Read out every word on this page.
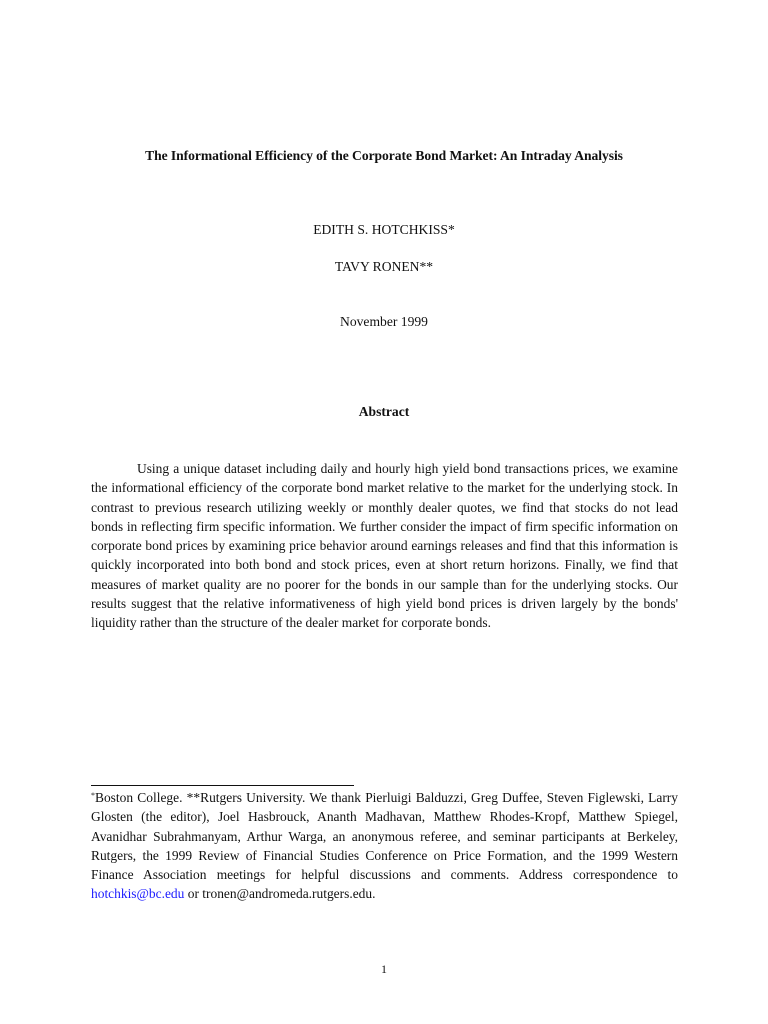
The Informational Efficiency of the Corporate Bond Market: An Intraday Analysis
EDITH S. HOTCHKISS*
TAVY RONEN**
November 1999
Abstract

Using a unique dataset including daily and hourly high yield bond transactions prices, we examine the informational efficiency of the corporate bond market relative to the market for the underlying stock. In contrast to previous research utilizing weekly or monthly dealer quotes, we find that stocks do not lead bonds in reflecting firm specific information. We further consider the impact of firm specific information on corporate bond prices by examining price behavior around earnings releases and find that this information is quickly incorporated into both bond and stock prices, even at short return horizons. Finally, we find that measures of market quality are no poorer for the bonds in our sample than for the underlying stocks. Our results suggest that the relative informativeness of high yield bond prices is driven largely by the bonds' liquidity rather than the structure of the dealer market for corporate bonds.

*Boston College. **Rutgers University. We thank Pierluigi Balduzzi, Greg Duffee, Steven Figlewski, Larry Glosten (the editor), Joel Hasbrouck, Ananth Madhavan, Matthew Rhodes-Kropf, Matthew Spiegel, Avanidhar Subrahmanyam, Arthur Warga, an anonymous referee, and seminar participants at Berkeley, Rutgers, the 1999 Review of Financial Studies Conference on Price Formation, and the 1999 Western Finance Association meetings for helpful discussions and comments. Address correspondence to hotchkis@bc.edu or tronen@andromeda.rutgers.edu.

1
